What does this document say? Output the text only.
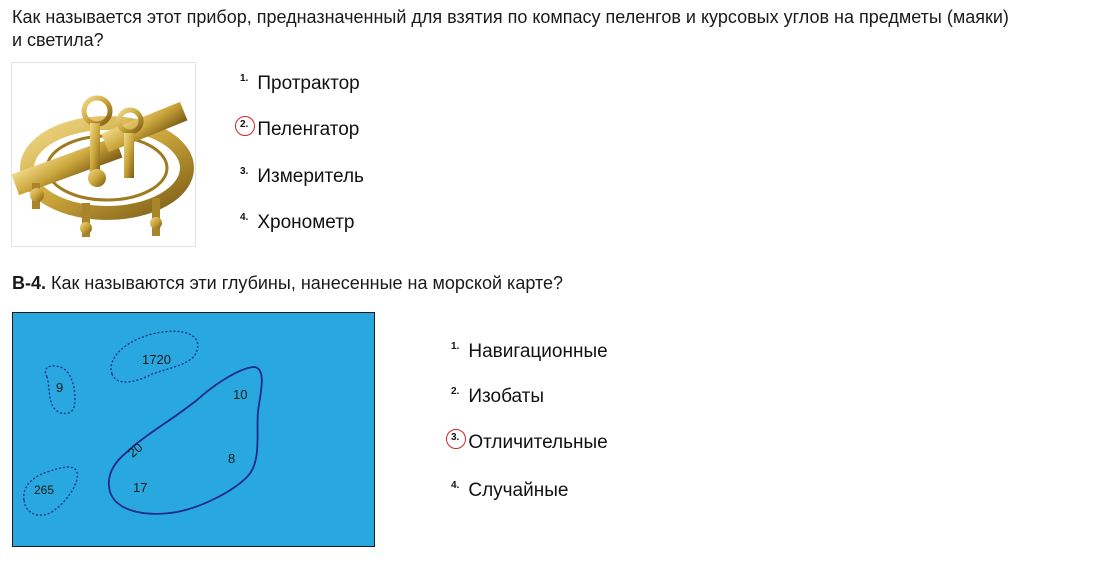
Как называется этот прибор, предназначенный для взятия по компасу пеленгов и курсовых углов на предметы (маяки) и светила?
1. Протрактор
2. Пеленгатор
3. Измеритель
4. Хронометр
В-4. Как называются эти глубины, нанесенные на морской карте?
1720
9	10
20	8
17
265
1. Навигационные
2. Изобаты
3. Отличительные
4. Случайные
